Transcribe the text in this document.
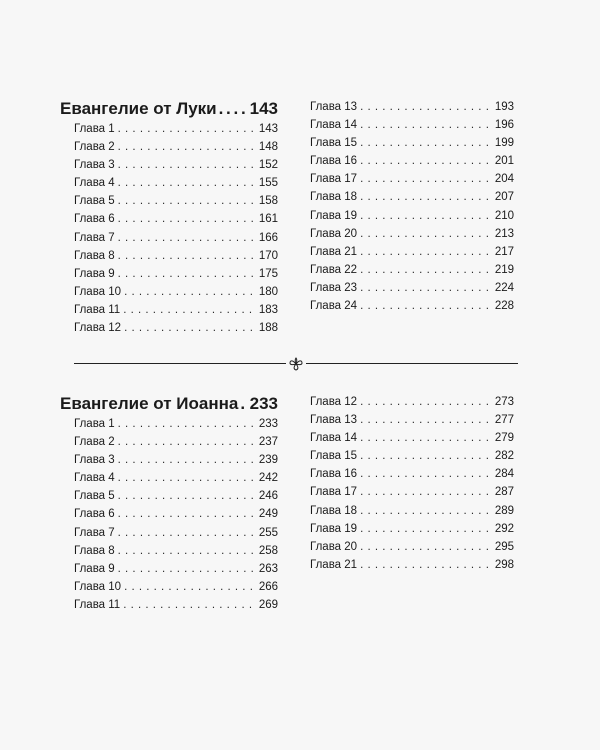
Евангелие от Луки . . . 143
Глава 1 . . .	143
Глава 2 . . .	148
Глава 3 . . .	152
Глава 4 . . .	155
Глава 5 . . .	158
Глава 6 . . .	161
Глава 7 . . .	166
Глава 8 . . .	170
Глава 9 . . .	175
Глава 10 . . .	180
Глава 11 . . .	183
Глава 12 . . .	188
Глава 13 . . .	193
Глава 14 . . .	196
Глава 15 . . .	199
Глава 16 . . .	201
Глава 17 . . .	204
Глава 18 . . .	207
Глава 19 . . .	210
Глава 20 . . .	213
Глава 21 . . .	217
Глава 22 . . .	219
Глава 23 . . .	224
Глава 24 . . .	228
Евангелие от Иоанна . . . 233
Глава 1 . . .	233
Глава 2 . . .	237
Глава 3 . . .	239
Глава 4 . . .	242
Глава 5 . . .	246
Глава 6 . . .	249
Глава 7 . . .	255
Глава 8 . . .	258
Глава 9 . . .	263
Глава 10 . . .	266
Глава 11 . . .	269
Глава 12 . . .	273
Глава 13 . . .	277
Глава 14 . . .	279
Глава 15 . . .	282
Глава 16 . . .	284
Глава 17 . . .	287
Глава 18 . . .	289
Глава 19 . . .	292
Глава 20 . . .	295
Глава 21 . . .	298
